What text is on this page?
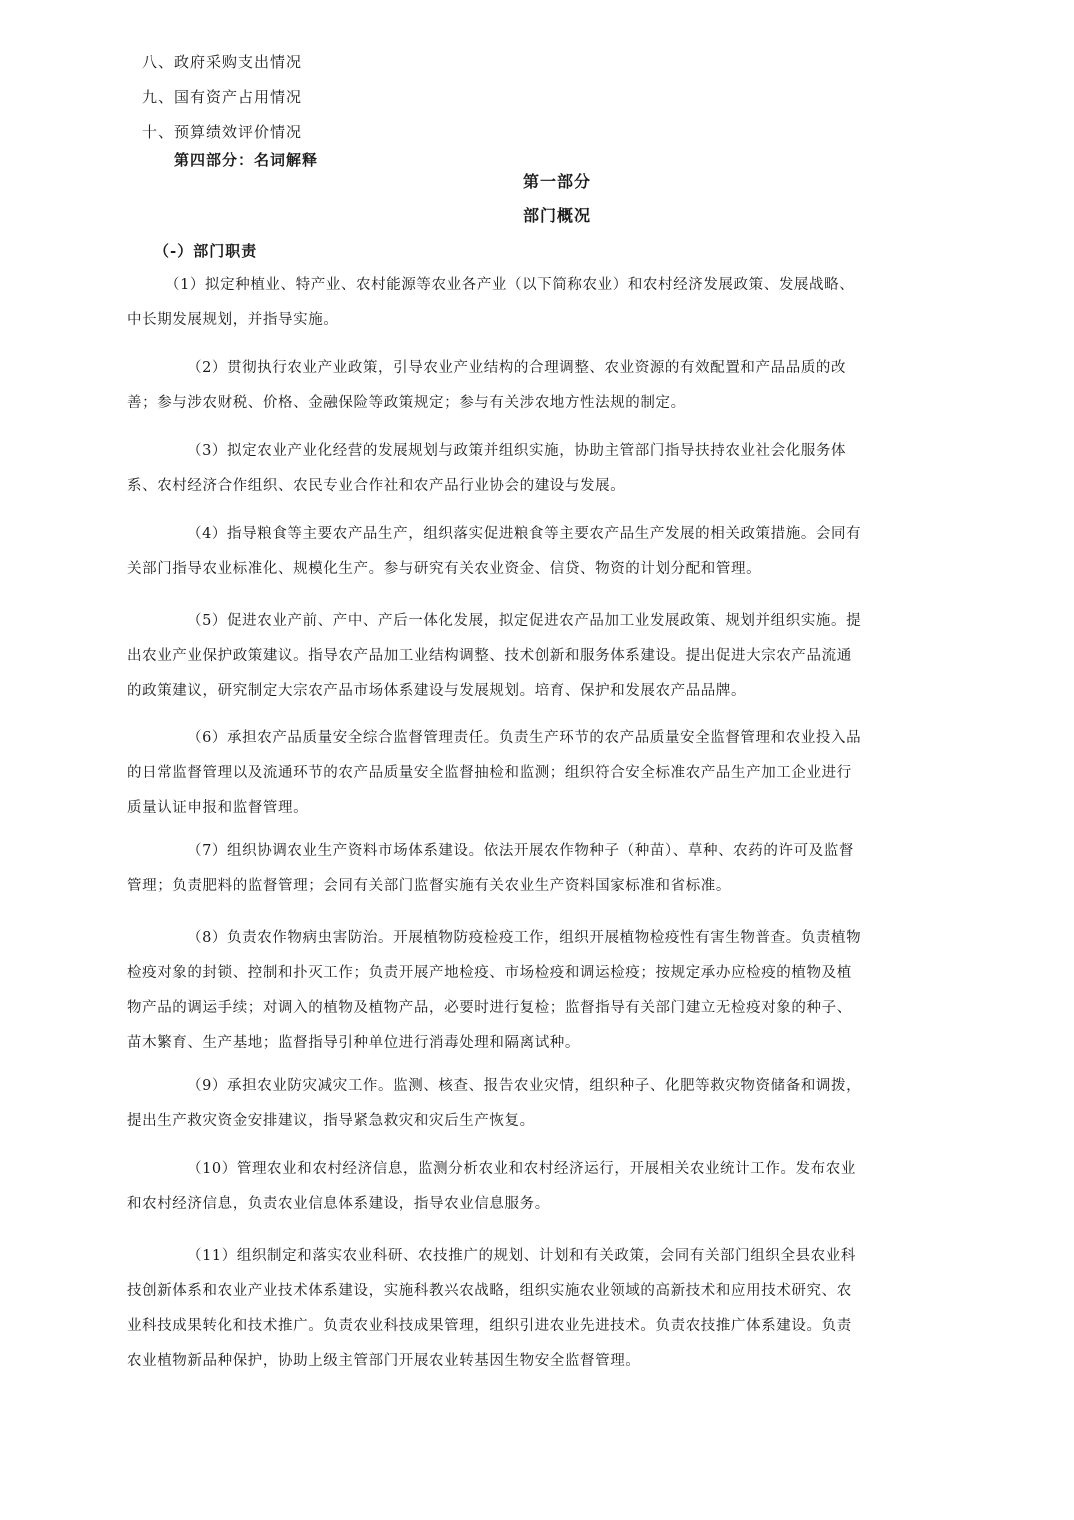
八、政府采购支出情况
九、国有资产占用情况
十、预算绩效评价情况
第四部分：名词解释
第一部分
部门概况
（-）部门职责

（1）拟定种植业、特产业、农村能源等农业各产业（以下简称农业）和农村经济发展政策、发展战略、
中长期发展规划，并指导实施。

（2）贯彻执行农业产业政策，引导农业产业结构的合理调整、农业资源的有效配置和产品品质的改
善；参与涉农财税、价格、金融保险等政策规定；参与有关涉农地方性法规的制定。

（3）拟定农业产业化经营的发展规划与政策并组织实施，协助主管部门指导扶持农业社会化服务体
系、农村经济合作组织、农民专业合作社和农产品行业协会的建设与发展。

（4）指导粮食等主要农产品生产，组织落实促进粮食等主要农产品生产发展的相关政策措施。会同有
关部门指导农业标准化、规模化生产。参与研究有关农业资金、信贷、物资的计划分配和管理。

（5）促进农业产前、产中、产后一体化发展，拟定促进农产品加工业发展政策、规划并组织实施。提
出农业产业保护政策建议。指导农产品加工业结构调整、技术创新和服务体系建设。提出促进大宗农产品流通
的政策建议，研究制定大宗农产品市场体系建设与发展规划。培育、保护和发展农产品品牌。

（6）承担农产品质量安全综合监督管理责任。负责生产环节的农产品质量安全监督管理和农业投入品
的日常监督管理以及流通环节的农产品质量安全监督抽检和监测；组织符合安全标准农产品生产加工企业进行
质量认证申报和监督管理。

（7）组织协调农业生产资料市场体系建设。依法开展农作物种子（种苗）、草种、农药的许可及监督
管理；负责肥料的监督管理；会同有关部门监督实施有关农业生产资料国家标准和省标准。

（8）负责农作物病虫害防治。开展植物防疫检疫工作，组织开展植物检疫性有害生物普查。负责植物
检疫对象的封锁、控制和扑灭工作；负责开展产地检疫、市场检疫和调运检疫；按规定承办应检疫的植物及植
物产品的调运手续；对调入的植物及植物产品，必要时进行复检；监督指导有关部门建立无检疫对象的种子、
苗木繁育、生产基地；监督指导引种单位进行消毒处理和隔离试种。

（9）承担农业防灾减灾工作。监测、核查、报告农业灾情，组织种子、化肥等救灾物资储备和调拨，
提出生产救灾资金安排建议，指导紧急救灾和灾后生产恢复。

（10）管理农业和农村经济信息，监测分析农业和农村经济运行，开展相关农业统计工作。发布农业
和农村经济信息，负责农业信息体系建设，指导农业信息服务。

（11）组织制定和落实农业科研、农技推广的规划、计划和有关政策，会同有关部门组织全县农业科
技创新体系和农业产业技术体系建设，实施科教兴农战略，组织实施农业领域的高新技术和应用技术研究、农
业科技成果转化和技术推广。负责农业科技成果管理，组织引进农业先进技术。负责农技推广体系建设。负责
农业植物新品种保护，协助上级主管部门开展农业转基因生物安全监督管理。
